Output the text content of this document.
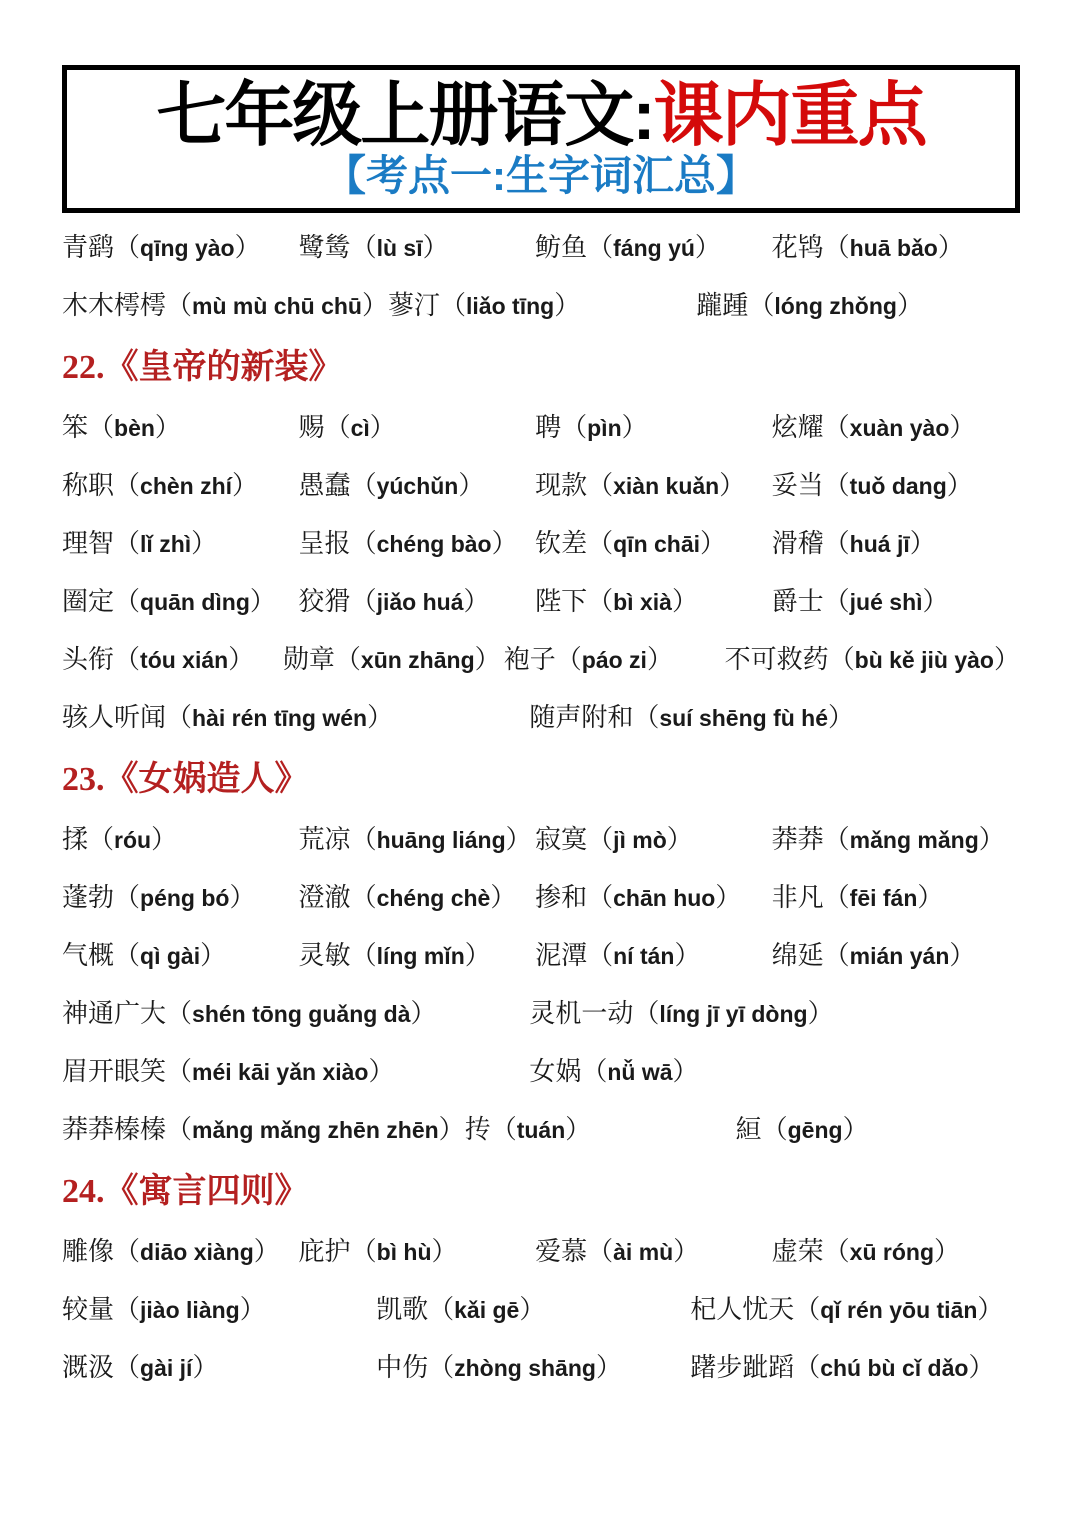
七年级上册语文:课内重点
【考点一:生字词汇总】
青鹞（qīng yào）	鹭鸶（lù sī）	鲂鱼（fáng yú）	花鸨（huā bǎo）
木木樗樗（mù mù chū chū） 蓼汀（liǎo tīng）	躘踵（lóng zhǒng）
22.《皇帝的新装》
笨（bèn）	赐（cì）	聘（pìn）	炫耀（xuàn yào）
称职（chèn zhí）	愚蠢（yúchǔn）	现款（xiàn kuǎn）	妥当（tuǒ dang）
理智（lǐ zhì）	呈报（chéng bào） 钦差（qīn chāi）	滑稽（huá jī）
圈定（quān dìng） 狡猾（jiǎo huá）	陛下（bì xià）	爵士（jué shì）
头衔（tóu xián）	勋章（xūn zhāng） 袍子（páo zi）	不可救药（bù kě jiù yào）
骇人听闻（hài rén tīng wén）	随声附和（suí shēng fù hé）
23.《女娲造人》
揉（róu）	荒凉（huāng liáng） 寂寞（jì mò）	莽莽（mǎng mǎng）
蓬勃（péng bó）	澄澈（chéng chè） 掺和（chān huo）	非凡（fēi fán）
气概（qì gài）	灵敏（líng mǐn）	泥潭（ní tán）	绵延（mián yán）
神通广大（shén tōng guǎng dà）	灵机一动（líng jī yī dòng）
眉开眼笑（méi kāi yǎn xiào）	女娲（nǚ wā）
莽莽榛榛（mǎng mǎng zhēn zhēn） 抟（tuán）	絙（gēng）
24.《寓言四则》
雕像（diāo xiàng） 庇护（bì hù）	爱慕（ài mù）	虚荣（xū róng）
较量（jiào liàng）	凯歌（kǎi gē）	杞人忧天（qǐ rén yōu tiān）
溉汲（gài jí）	中伤（zhòng shāng）	躇步跐蹈（chú bù cǐ dǎo）
